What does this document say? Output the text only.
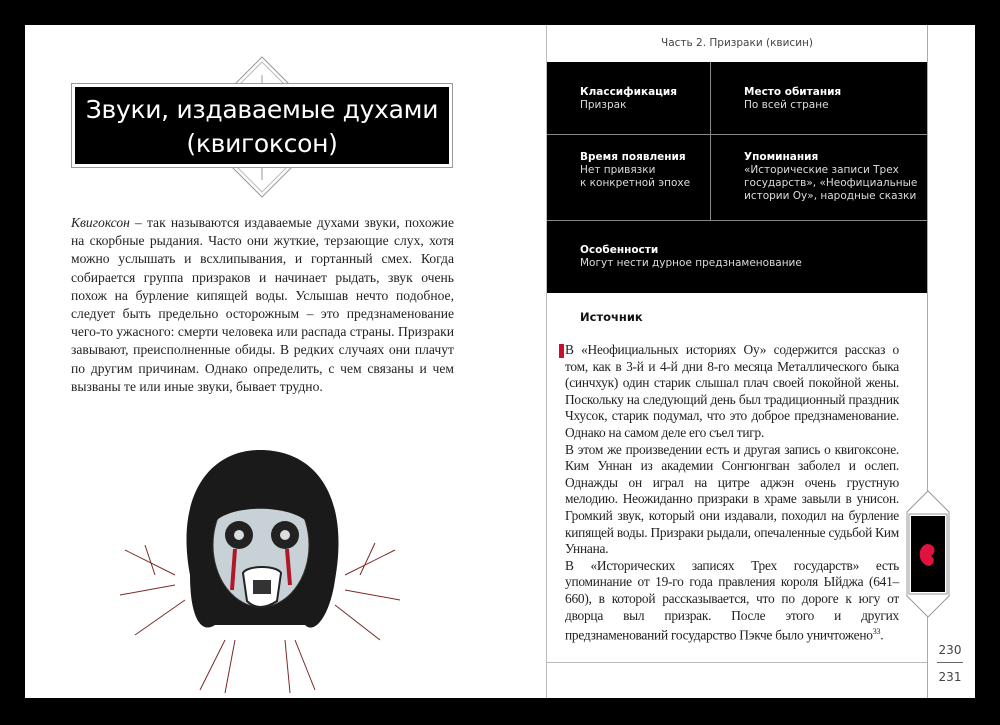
Звуки, издаваемые духами
(квигоксон)
Квигоксон – так называются издаваемые духами звуки, похожие на скорбные рыдания. Часто они жуткие, терзающие слух, хотя можно услышать и всхлипывания, и гортанный смех. Когда собирается группа призраков и начинает рыдать, звук очень похож на бурление кипящей воды. Услышав нечто подобное, следует быть предельно осторожным – это предзнаменование чего-то ужасного: смерти человека или распада страны. Призраки завывают, преисполненные обиды. В редких случаях они плачут по другим причинам. Однако определить, с чем связаны и чем вызваны те или иные звуки, бывает трудно.
Часть 2. Призраки (квисин)
Классификация
Призрак
Место обитания
По всей стране
Время появления
Нет привязки
к конкретной эпохе
Упоминания
«Исторические записи Трех
государств», «Неофициальные
истории Оу», народные сказки
Особенности
Могут нести дурное предзнаменование
Источник

В «Неофициальных историях Оу» содержится рассказ о том, как в 3-й и 4-й дни 8-го месяца Металлического быка (синчхук) один старик слышал плач своей покойной жены. Поскольку на следующий день был традиционный праздник Чхусок, старик подумал, что это доброе предзнаменование. Однако на самом деле его съел тигр.

В этом же произведении есть и другая запись о квигоксоне. Ким Уннан из академии Сонгюнгван заболел и ослеп. Однажды он играл на цитре аджэн очень грустную мелодию. Неожиданно призраки в храме завыли в унисон. Громкий звук, который они издавали, походил на бурление кипящей воды. Призраки рыдали, опечаленные судьбой Ким Уннана.

В «Исторических записях Трех государств» есть упоминание от 19-го года правления короля Ыйджа (641–660), в которой рассказывается, что по дороге к югу от дворца выл призрак. После этого и других предзнаменований государство Пэкче было уничтожено$^{33}$.

230
231
